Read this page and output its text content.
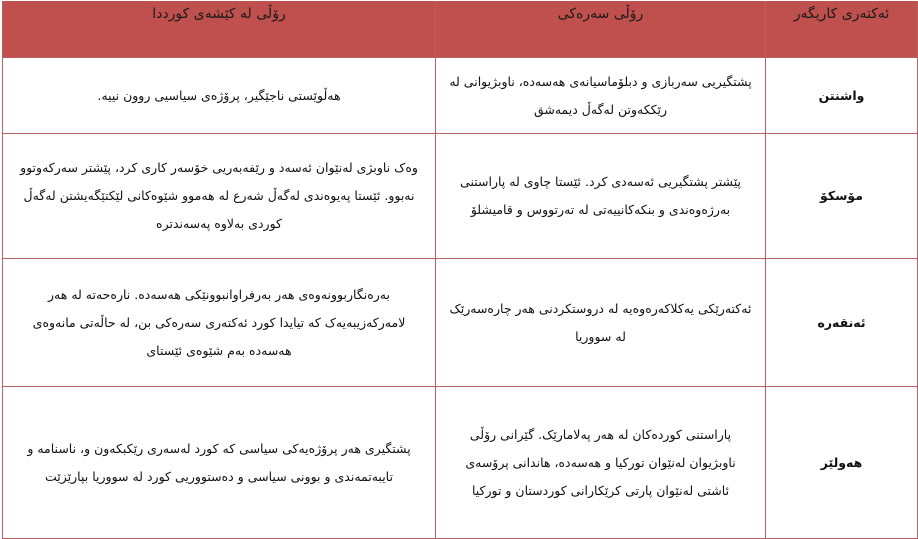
ئەکتەری کاریگەر	رۆڵی سەرەکی	رۆڵی لە کێشەی کورددا
واشنتن	پشتگیریی سەربازی و دبلۆماسیانەی هەسەدە، ناوبژیوانی لە رێککەوتن لەگەڵ دیمەشق	هەڵوێستی ناجێگیر، پرۆژەی سیاسیی روون نییە.
مۆسکۆ	پێشتر پشتگیریی ئەسەدی کرد. ئێستا چاوی لە پاراستنی بەرژەوەندی و بنکەکانییەتی لە تەرتووس و قامیشلۆ	وەک ناوبژی لەنێوان ئەسەد و رێفەبەریی خۆسەر کاری کرد، پێشتر سەرکەوتوو نەبوو. ئێستا پەیوەندی لەگەڵ شەرع لە هەموو شێوەکانی لێکتێگەیشتن لەگەڵ کوردی بەلاوە پەسەندترە
ئەنقەرە	ئەکتەرێکی یەکلاکەرەوەیە لە دروستکردنی هەر چارەسەرێک لە سووریا	بەرەنگاربوونەوەی هەر بەرفراوانبوونێکی هەسەدە. نارەحەتە لە هەر لامەرکەزیبەیەک کە تیایدا کورد ئەکتەری سەرەکی بن، لە حاڵەتی مانەوەی هەسەدە بەم شێوەی ئێستای
هەولێر	پاراستنی کوردەکان لە هەر پەلامارێک. گێرانی رۆڵی ناوبژیوان لەنێوان تورکیا و هەسەدە، هاندانی پرۆسەی ئاشتی لەنێوان پارتی کرێکارانی کوردستان و تورکیا	پشتگیری هەر پرۆژەیەکی سیاسی کە کورد لەسەری رێکبکەون و، ناسنامە و تایبەتمەندی و بوونی سیاسی و دەستووریی کورد لە سووریا بپارێزێت
